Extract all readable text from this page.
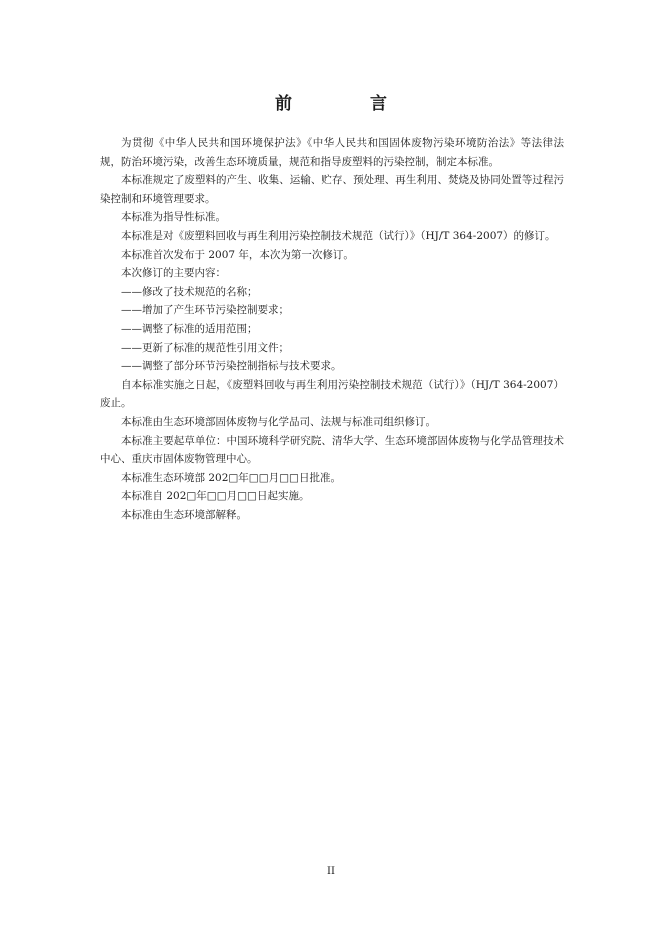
前 言

为贯彻《中华人民共和国环境保护法》《中华人民共和国固体废物污染环境防治法》等法律法规，防治环境污染，改善生态环境质量，规范和指导废塑料的污染控制，制定本标准。

本标准规定了废塑料的产生、收集、运输、贮存、预处理、再生利用、焚烧及协同处置等过程污染控制和环境管理要求。

本标准为指导性标准。

本标准是对《废塑料回收与再生利用污染控制技术规范（试行）》（HJ/T 364-2007）的修订。

本标准首次发布于 2007 年，本次为第一次修订。

本次修订的主要内容：

——修改了技术规范的名称；

——增加了产生环节污染控制要求；

——调整了标准的适用范围；

——更新了标准的规范性引用文件；

——调整了部分环节污染控制指标与技术要求。

自本标准实施之日起，《废塑料回收与再生利用污染控制技术规范（试行）》（HJ/T 364-2007）废止。

本标准由生态环境部固体废物与化学品司、法规与标准司组织修订。

本标准主要起草单位：中国环境科学研究院、清华大学、生态环境部固体废物与化学品管理技术中心、重庆市固体废物管理中心。

本标准生态环境部 202□年□□月□□日批准。

本标准自 202□年□□月□□日起实施。

本标准由生态环境部解释。

II
